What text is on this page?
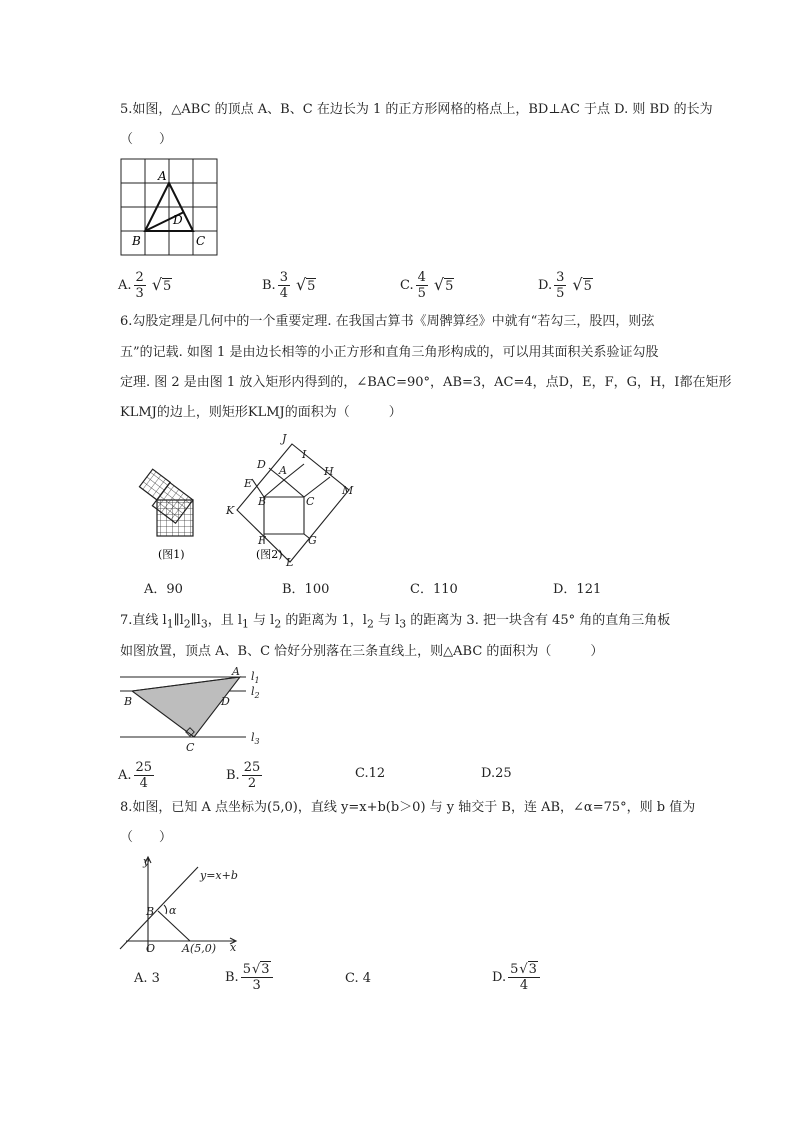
5.如图，△ABC 的顶点 A、B、C 在边长为 1 的正方形网格的格点上，BD⊥AC 于点 D. 则 BD 的长为
（　　）
A
B	C
D
A. $\frac{2}{3} √5$	B. $\frac{3}{4} √5$	C. $\frac{4}{5} √5$	D. $\frac{3}{5} √5$
6.勾股定理是几何中的一个重要定理. 在我国古算书《周髀算经》中就有“若勾三，股四，则弦
五”的记载. 如图 1 是由边长相等的小正方形和直角三角形构成的，可以用其面积关系验证勾股
定理. 图 2 是由图 1 放入矩形内得到的，∠BAC=90°，AB=3，AC=4，点D，E，F，G，H，I都在矩形
KLMJ的边上，则矩形KLMJ的面积为（　　　）
(图1)
J
I
D A	H
E
M
B	C
K
F	G
L
(图2)
A．90	B．100	C．110	D．121
7.直线 $l_1\parallel l_2\parallel l_3$，且 $l_1$ 与 $l_2$ 的距离为 1，$l_2$ 与 $l_3$ 的距离为 3. 把一块含有 45° 角的直角三角板
如图放置，顶点 A、B、C 恰好分别落在三条直线上，则△ABC 的面积为（　　　）
A
B	D
C
$l_1$
$l_2$
$l_3$
A. $\frac{25}{4}$	B. $\frac{25}{2}$	C.12	D.25
8.如图，已知 A 点坐标为(5,0)，直线 y=x+b(b＞0) 与 y 轴交于 B，连 AB，∠α=75°，则 b 值为
（　　）
y
x
y=x+b
B α
O A(5,0)
A. 3	B. $\frac{5√3}{3}$	C. 4	D. $\frac{5√3}{4}$
